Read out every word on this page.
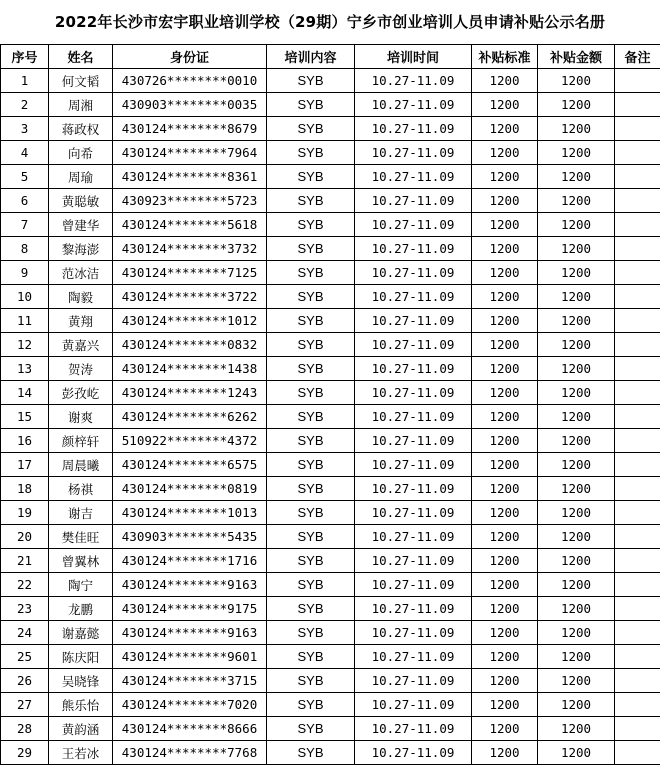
2022年长沙市宏宇职业培训学校（29期）宁乡市创业培训人员申请补贴公示名册
序号	姓名	身份证	培训内容	培训时间	补贴标准	补贴金额	备注
1	何文韬	430726********0010	SYB	10.27-11.09	1200	1200	
2	周湘	430903********0035	SYB	10.27-11.09	1200	1200	
3	蒋政权	430124********8679	SYB	10.27-11.09	1200	1200	
4	向希	430124********7964	SYB	10.27-11.09	1200	1200	
5	周瑜	430124********8361	SYB	10.27-11.09	1200	1200	
6	黄聪敏	430923********5723	SYB	10.27-11.09	1200	1200	
7	曾建华	430124********5618	SYB	10.27-11.09	1200	1200	
8	黎海澎	430124********3732	SYB	10.27-11.09	1200	1200	
9	范冰洁	430124********7125	SYB	10.27-11.09	1200	1200	
10	陶毅	430124********3722	SYB	10.27-11.09	1200	1200	
11	黄翔	430124********1012	SYB	10.27-11.09	1200	1200	
12	黄嘉兴	430124********0832	SYB	10.27-11.09	1200	1200	
13	贺涛	430124********1438	SYB	10.27-11.09	1200	1200	
14	彭孜屹	430124********1243	SYB	10.27-11.09	1200	1200	
15	谢爽	430124********6262	SYB	10.27-11.09	1200	1200	
16	颜梓轩	510922********4372	SYB	10.27-11.09	1200	1200	
17	周晨曦	430124********6575	SYB	10.27-11.09	1200	1200	
18	杨祺	430124********0819	SYB	10.27-11.09	1200	1200	
19	谢吉	430124********1013	SYB	10.27-11.09	1200	1200	
20	樊佳旺	430903********5435	SYB	10.27-11.09	1200	1200	
21	曾翼林	430124********1716	SYB	10.27-11.09	1200	1200	
22	陶宁	430124********9163	SYB	10.27-11.09	1200	1200	
23	龙鹏	430124********9175	SYB	10.27-11.09	1200	1200	
24	谢嘉懿	430124********9163	SYB	10.27-11.09	1200	1200	
25	陈庆阳	430124********9601	SYB	10.27-11.09	1200	1200	
26	吴晓锋	430124********3715	SYB	10.27-11.09	1200	1200	
27	熊乐怡	430124********7020	SYB	10.27-11.09	1200	1200	
28	黄韵涵	430124********8666	SYB	10.27-11.09	1200	1200	
29	王若冰	430124********7768	SYB	10.27-11.09	1200	1200	
